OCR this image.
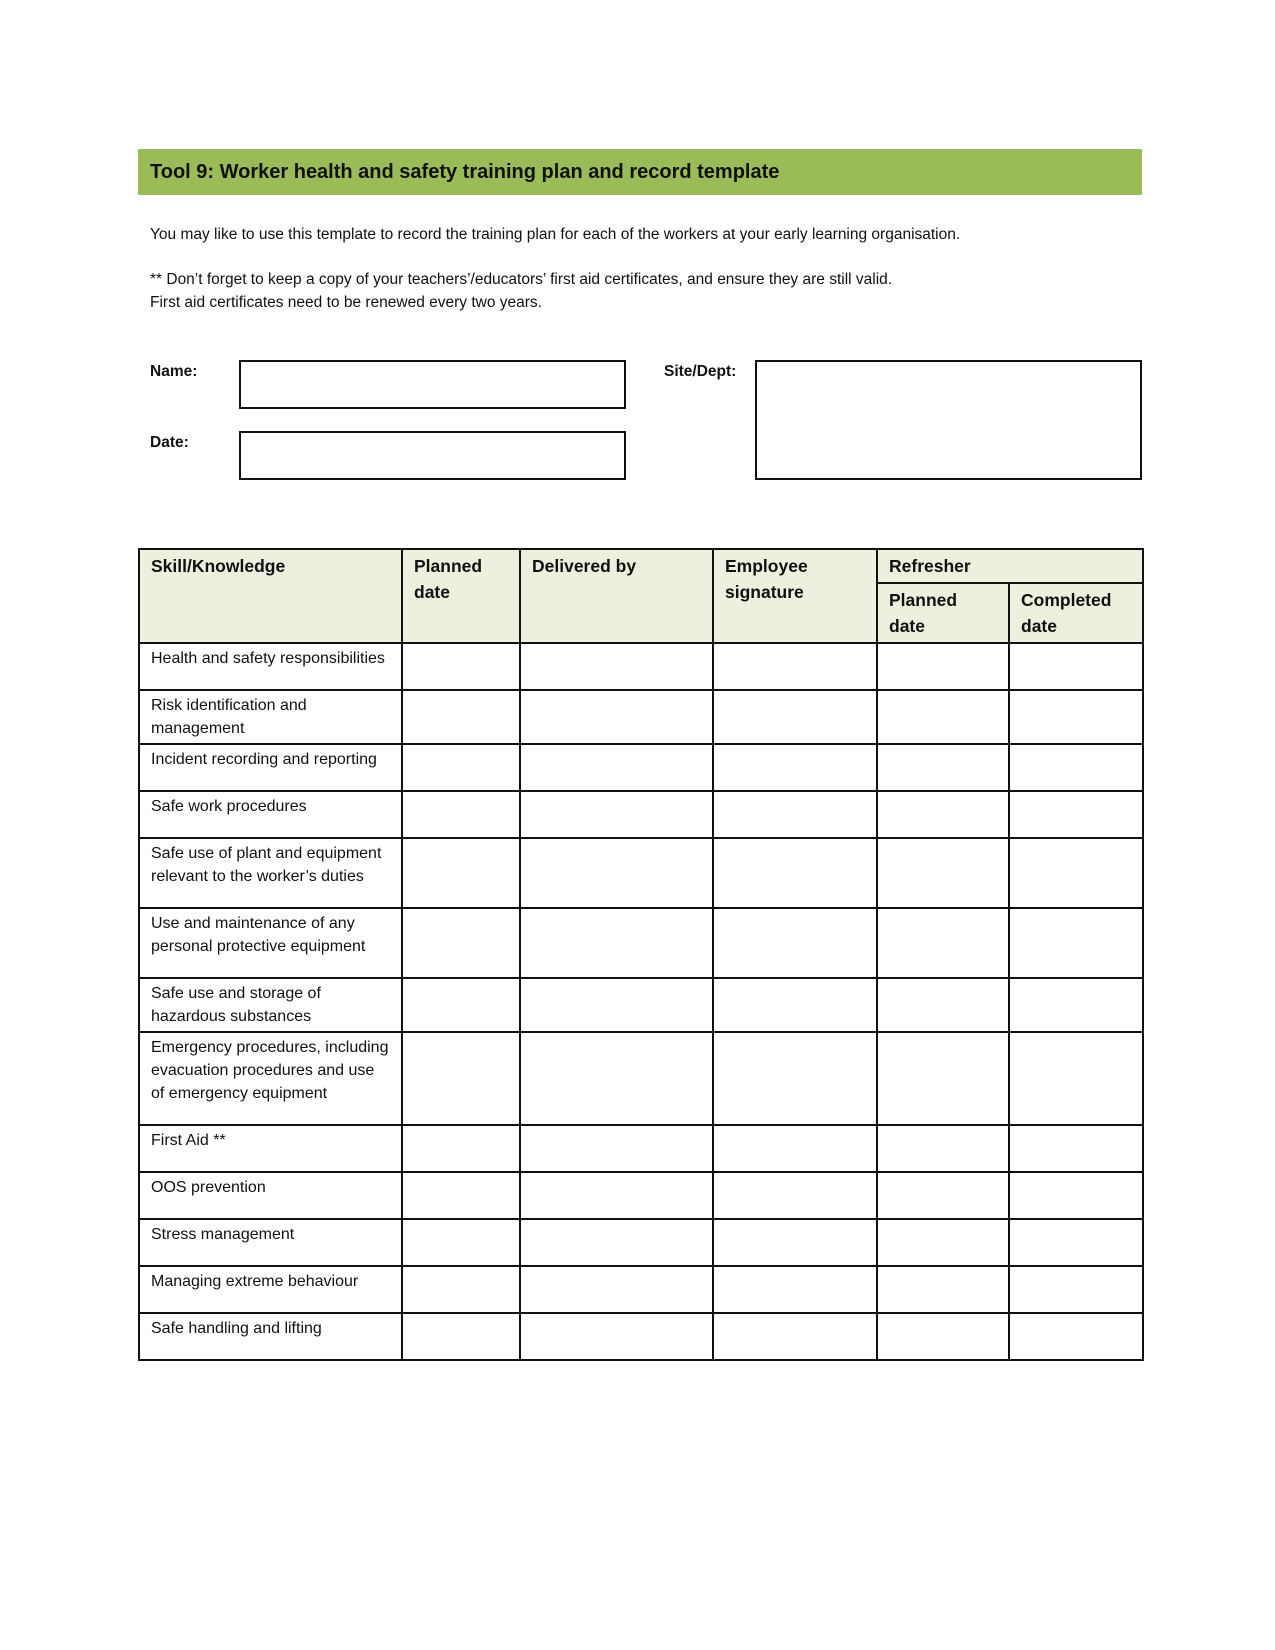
Tool 9: Worker health and safety training plan and record template
You may like to use this template to record the training plan for each of the workers at your early learning organisation.
** Don’t forget to keep a copy of your teachers’/educators’ first aid certificates, and ensure they are still valid.
First aid certificates need to be renewed every two years.
Name:
Date:
Site/Dept:
Skill/Knowledge	Planned date	Delivered by	Employee signature	Refresher	
				Planned date	Completed date
Health and safety responsibilities					
Risk identification and management					
Incident recording and reporting					
Safe work procedures					
Safe use of plant and equipment relevant to the worker’s duties					
Use and maintenance of any personal protective equipment					
Safe use and storage of hazardous substances					
Emergency procedures, including evacuation procedures and use of emergency equipment					
First Aid **					
OOS prevention					
Stress management					
Managing extreme behaviour					
Safe handling and lifting					
